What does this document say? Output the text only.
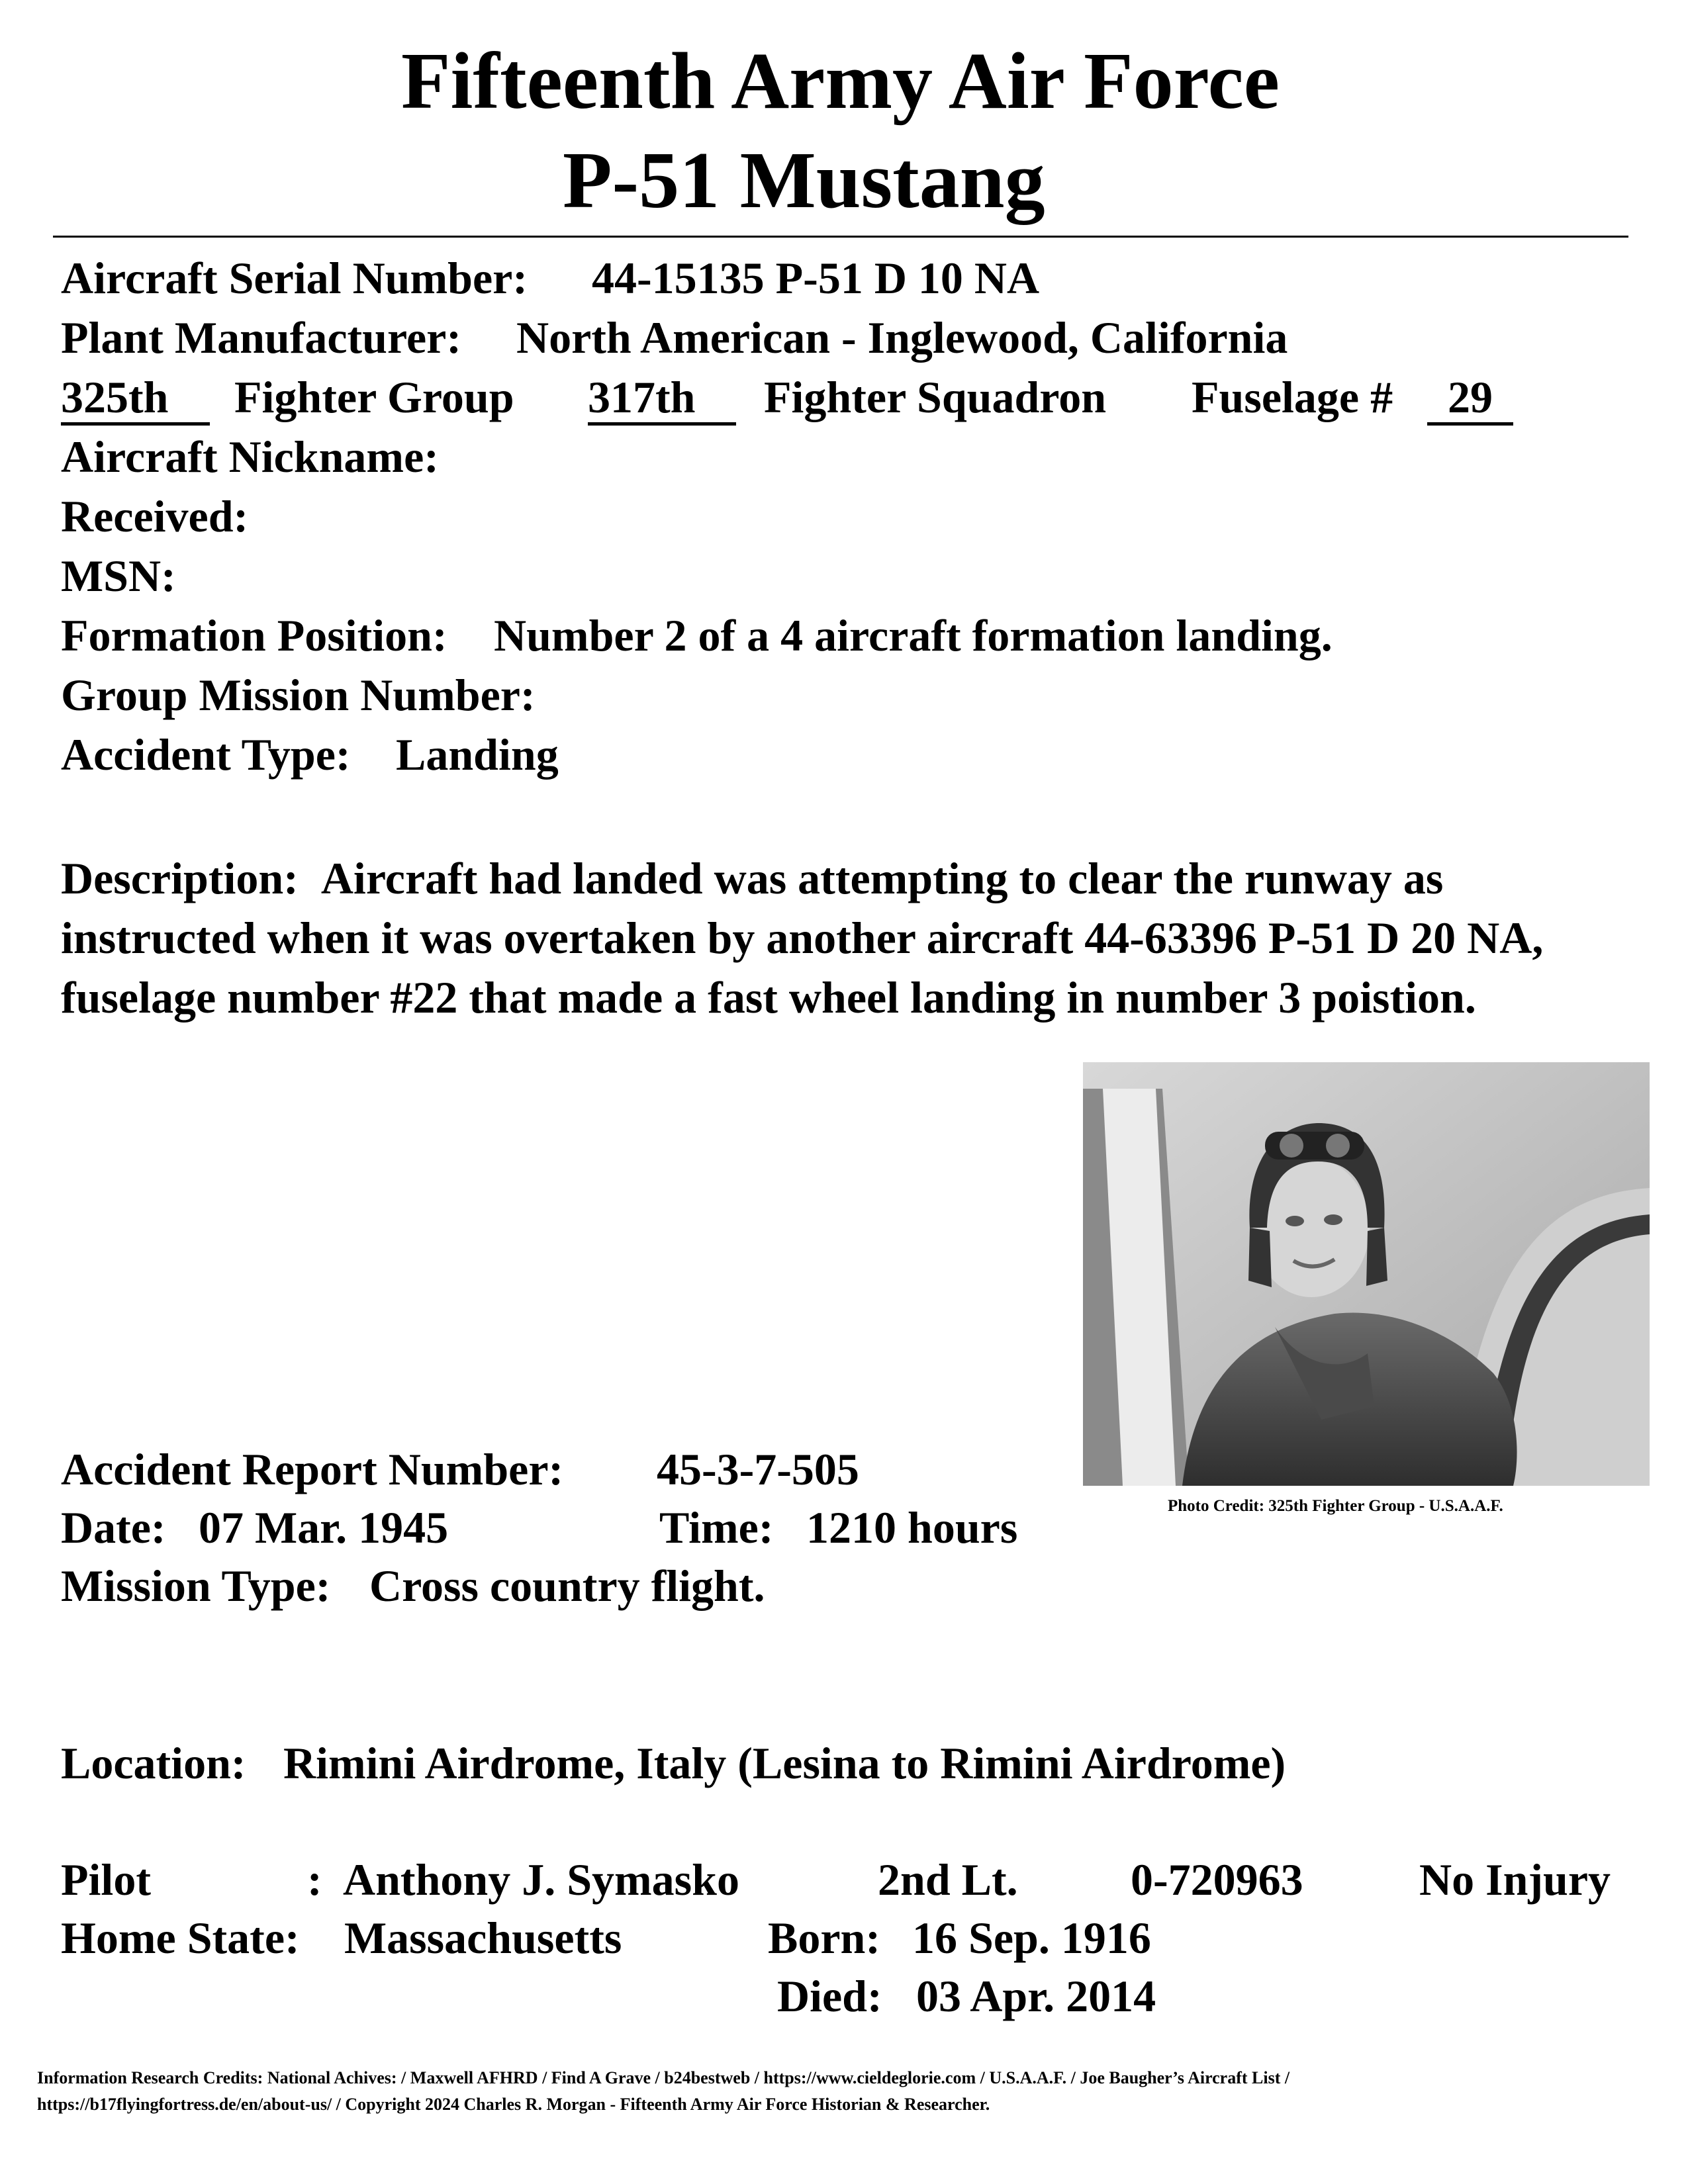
Fifteenth Army Air Force
P-51 Mustang
Aircraft Serial Number: 44-15135 P-51 D 10 NA
Plant Manufacturer: North American - Inglewood, California
325th	Fighter Group 317th	Fighter Squadron Fuselage #	29
Aircraft Nickname:
Received:
MSN:
Formation Position: Number 2 of a 4 aircraft formation landing.
Group Mission Number:
Accident Type: Landing
Description: Aircraft had landed was attempting to clear the runway as instructed when it was overtaken by another aircraft 44-63396 P-51 D 20 NA, fuselage number #22 that made a fast wheel landing in number 3 poistion.
Photo Credit: 325th Fighter Group - U.S.A.A.F.
Accident Report Number: 45-3-7-505
Date: 07 Mar. 1945	Time: 1210 hours
Mission Type: Cross country flight.
Location: Rimini Airdrome, Italy (Lesina to Rimini Airdrome)
Pilot	: Anthony J. Symasko	2nd Lt.	0-720963	No Injury
Home State: Massachusetts	Born: 16 Sep. 1916
Died: 03 Apr. 2014
Information Research Credits: National Achives: / Maxwell AFHRD / Find A Grave / b24bestweb / https://www.cieldeglorie.com / U.S.A.A.F. / Joe Baugher’s Aircraft List /
https://b17flyingfortress.de/en/about-us/ / Copyright 2024 Charles R. Morgan - Fifteenth Army Air Force Historian & Researcher.
